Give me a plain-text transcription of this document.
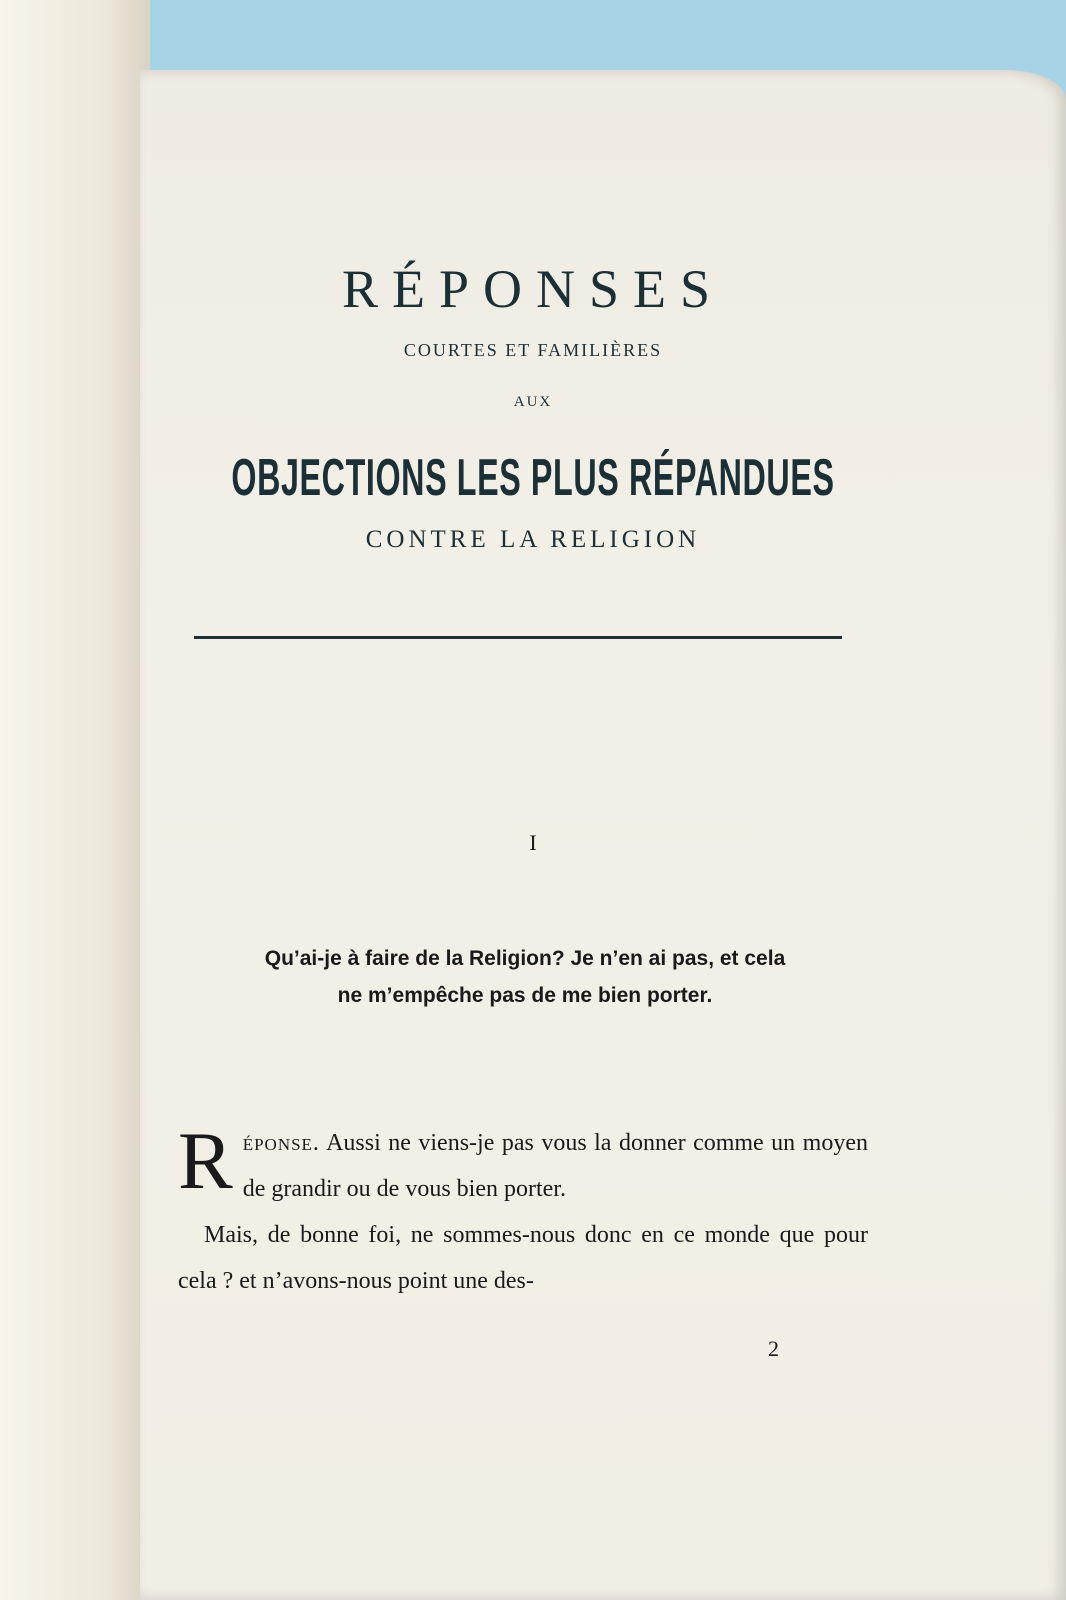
RÉPONSES
COURTES ET FAMILIÈRES
AUX
OBJECTIONS LES PLUS RÉPANDUES
CONTRE LA RELIGION
I
Qu’ai-je à faire de la Religion? Je n’en ai pas, et cela
ne m’empêche pas de me bien porter.

Réponse. Aussi ne viens-je pas vous la donner comme un moyen de grandir ou de vous bien porter.

Mais, de bonne foi, ne sommes-nous donc en ce monde que pour cela ? et n’avons-nous point une des-

2
